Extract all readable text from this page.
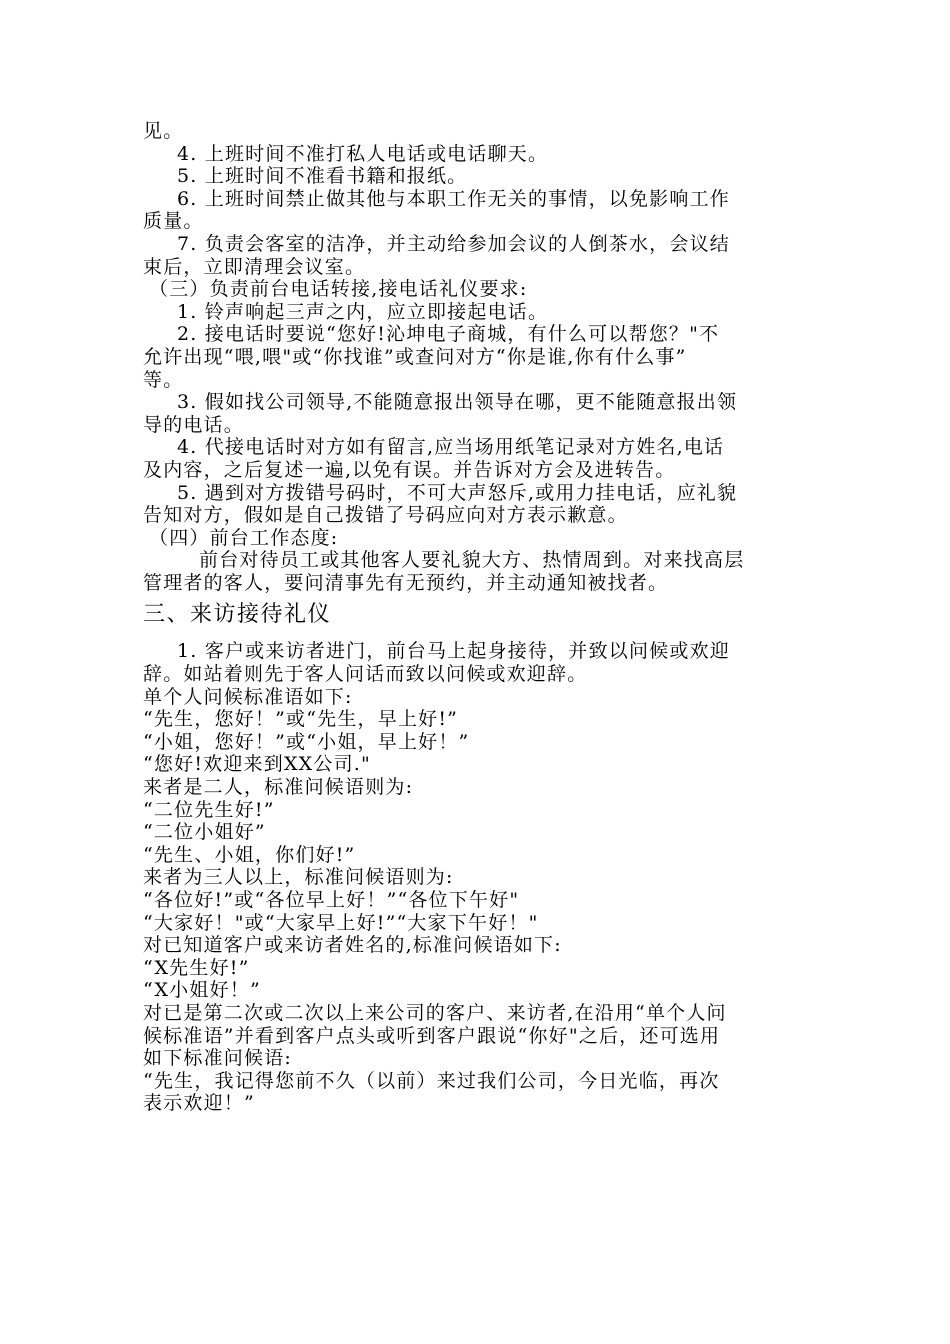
见。
4. 上班时间不准打私人电话或电话聊天。
5. 上班时间不准看书籍和报纸。
6. 上班时间禁止做其他与本职工作无关的事情，以免影响工作
质量。
7. 负责会客室的洁净，并主动给参加会议的人倒茶水，会议结
束后，立即清理会议室。
（三）负责前台电话转接,接电话礼仪要求:
1. 铃声响起三声之内，应立即接起电话。
2. 接电话时要说“您好!沁坤电子商城，有什么可以帮您？"不
允许出现“喂,喂"或“你找谁”或查问对方“你是谁,你有什么事”
等。
3. 假如找公司领导,不能随意报出领导在哪，更不能随意报出领
导的电话。
4. 代接电话时对方如有留言,应当场用纸笔记录对方姓名,电话
及内容，之后复述一遍,以免有误。并告诉对方会及进转告。
5. 遇到对方拨错号码时，不可大声怒斥,或用力挂电话，应礼貌
告知对方，假如是自己拨错了号码应向对方表示歉意。
（四）前台工作态度:
前台对待员工或其他客人要礼貌大方、热情周到。对来找高层
管理者的客人，要问清事先有无预约，并主动通知被找者。
三、来访接待礼仪
1. 客户或来访者进门，前台马上起身接待，并致以问候或欢迎
辞。如站着则先于客人问话而致以问候或欢迎辞。
单个人问候标准语如下:
“先生，您好！”或“先生，早上好!”
“小姐，您好！”或“小姐，早上好！”
“您好!欢迎来到XX公司."
来者是二人，标准问候语则为:
“二位先生好!”
“二位小姐好”
“先生、小姐，你们好!”
来者为三人以上，标准问候语则为:
“各位好!”或“各位早上好！”“各位下午好"
“大家好！"或“大家早上好!”“大家下午好！"
对已知道客户或来访者姓名的,标准问候语如下:
“X先生好!”
“X小姐好！”
对已是第二次或二次以上来公司的客户、来访者,在沿用“单个人问
候标准语”并看到客户点头或听到客户跟说“你好"之后，还可选用
如下标准问候语:
“先生，我记得您前不久（以前）来过我们公司，今日光临，再次
表示欢迎！”
